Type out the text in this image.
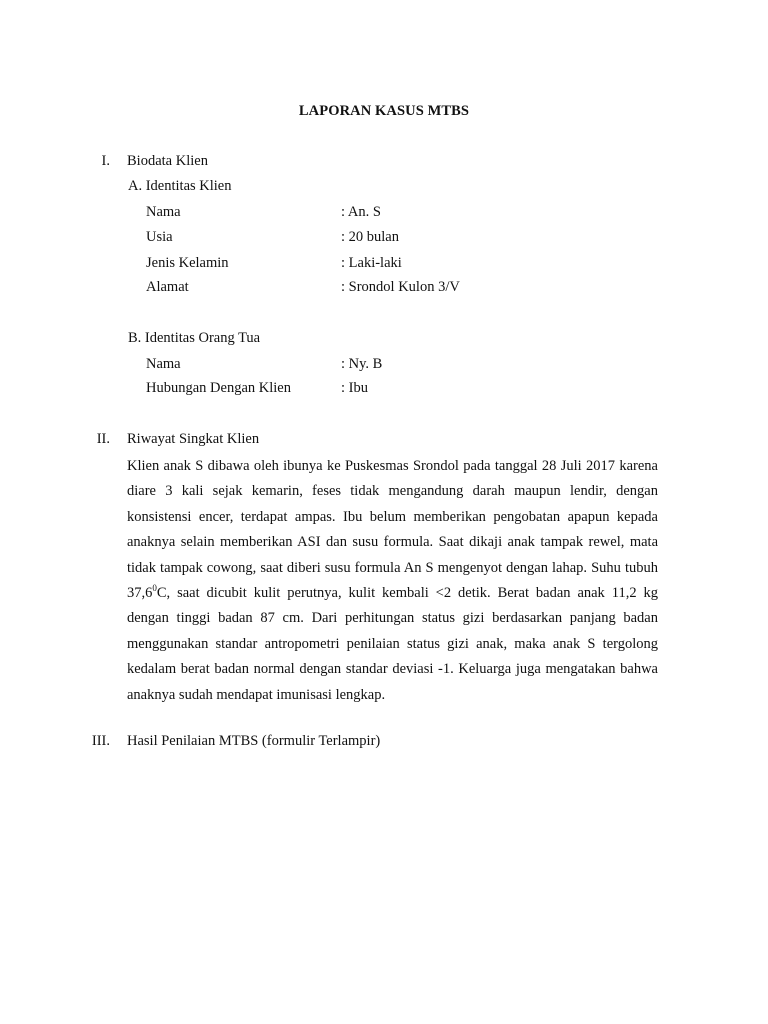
LAPORAN KASUS MTBS
I. Biodata Klien
A. Identitas Klien
Nama	: An. S
Usia	: 20 bulan
Jenis Kelamin	: Laki-laki
Alamat	: Srondol Kulon 3/V
B. Identitas Orang Tua
Nama	: Ny. B
Hubungan Dengan Klien	: Ibu
II. Riwayat Singkat Klien
Klien anak S dibawa oleh ibunya ke Puskesmas Srondol pada tanggal 28 Juli 2017 karena diare 3 kali sejak kemarin, feses tidak mengandung darah maupun lendir, dengan konsistensi encer, terdapat ampas. Ibu belum memberikan pengobatan apapun kepada anaknya selain memberikan ASI dan susu formula. Saat dikaji anak tampak rewel, mata tidak tampak cowong, saat diberi susu formula An S mengenyot dengan lahap. Suhu tubuh 37,6$^0$C, saat dicubit kulit perutnya, kulit kembali <2 detik. Berat badan anak 11,2 kg dengan tinggi badan 87 cm. Dari perhitungan status gizi berdasarkan panjang badan menggunakan standar antropometri penilaian status gizi anak, maka anak S tergolong kedalam berat badan normal dengan standar deviasi -1. Keluarga juga mengatakan bahwa anaknya sudah mendapat imunisasi lengkap.
III. Hasil Penilaian MTBS (formulir Terlampir)
